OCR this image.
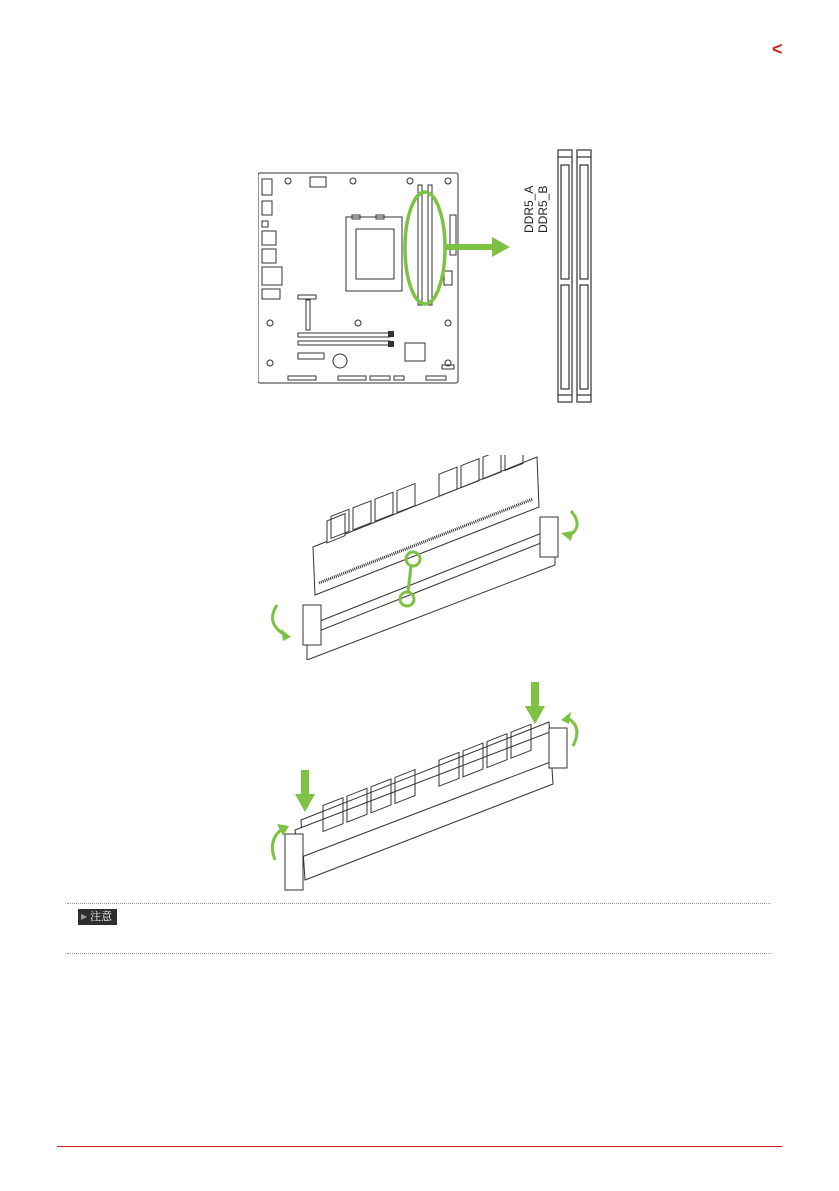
<
DDR5_A DDR5_B
▶ 注意
